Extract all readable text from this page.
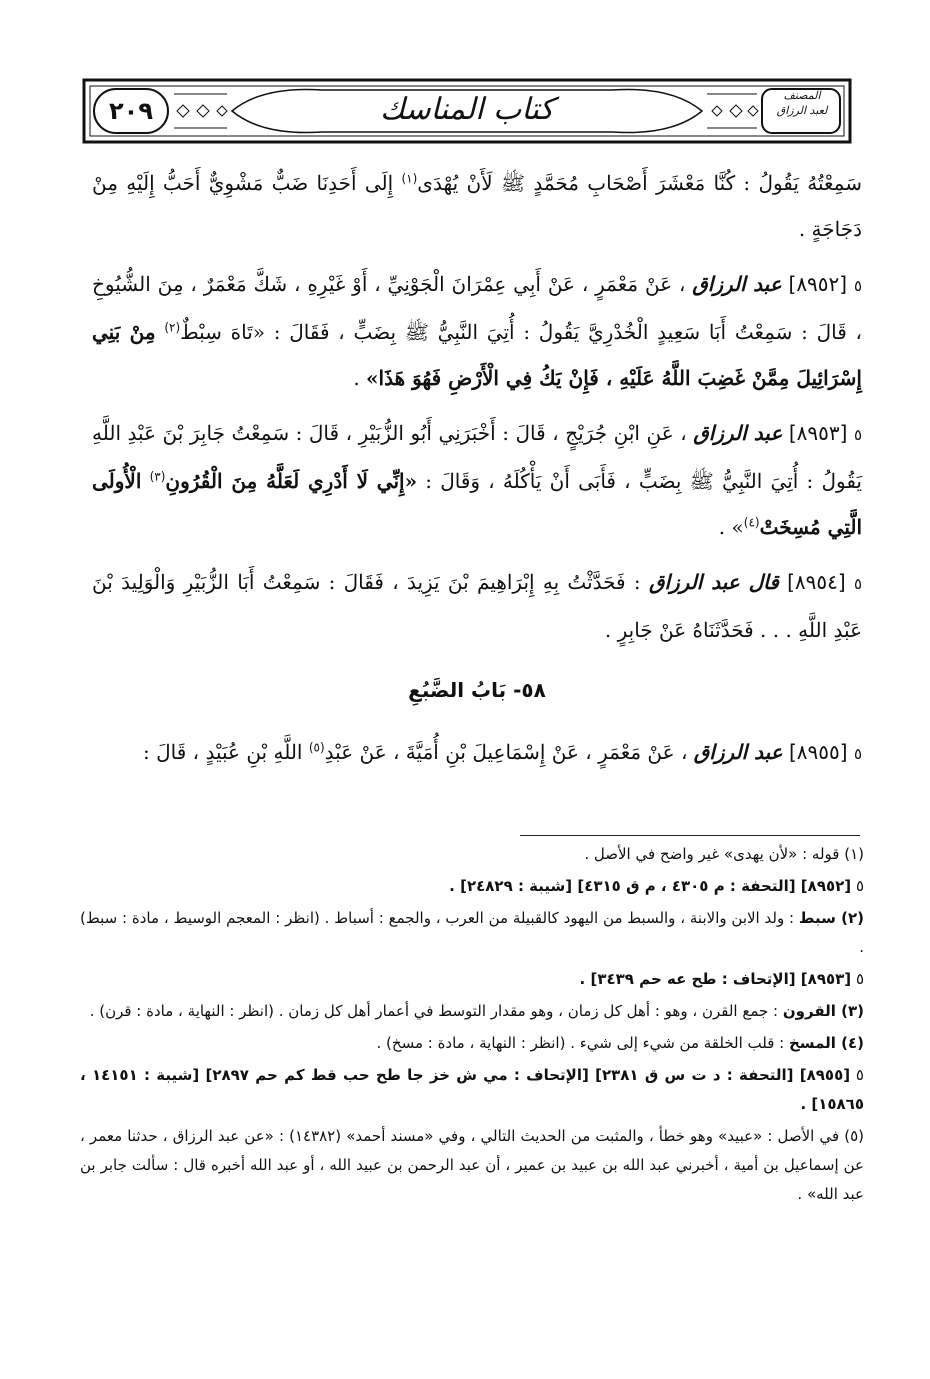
٢٠٩	كتاب المناسك	المصنف
لعبد الرزاق

سَمِعْتُهُ يَقُولُ : كُنَّا مَعْشَرَ أَصْحَابِ مُحَمَّدٍ ﷺ لَأَنْ يُهْدَى$^{(١)}$ إِلَى أَحَدِنَا ضَبٌّ مَشْوِيٌّ أَحَبُّ إِلَيْهِ مِنْ دَجَاجَةٍ .

٥ [٨٩٥٢] عبد الرزاق ، عَنْ مَعْمَرٍ ، عَنْ أَبِي عِمْرَانَ الْجَوْنِيِّ ، أَوْ غَيْرِهِ ، شَكَّ مَعْمَرٌ ، مِنَ الشُّيُوخِ ، قَالَ : سَمِعْتُ أَبَا سَعِيدٍ الْخُدْرِيَّ يَقُولُ : أُتِيَ النَّبِيُّ ﷺ بِضَبٍّ ، فَقَالَ : «تَاهَ سِبْطٌ$^{(٢)}$ مِنْ بَنِي إِسْرَائِيلَ مِمَّنْ غَضِبَ اللَّهُ عَلَيْهِ ، فَإِنْ يَكُ فِي الْأَرْضِ فَهُوَ هَذَا» .

٥ [٨٩٥٣] عبد الرزاق ، عَنِ ابْنِ جُرَيْجٍ ، قَالَ : أَخْبَرَنِي أَبُو الزُّبَيْرِ ، قَالَ : سَمِعْتُ جَابِرَ بْنَ عَبْدِ اللَّهِ يَقُولُ : أُتِيَ النَّبِيُّ ﷺ بِضَبٍّ ، فَأَبَى أَنْ يَأْكُلَهُ ، وَقَالَ : «إِنِّي لَا أَدْرِي لَعَلَّهُ مِنَ الْقُرُونِ$^{(٣)}$ الْأُولَى الَّتِي مُسِخَتْ$^{(٤)}$» .

٥ [٨٩٥٤] قال عبد الرزاق : فَحَدَّثْتُ بِهِ إِبْرَاهِيمَ بْنَ يَزِيدَ ، فَقَالَ : سَمِعْتُ أَبَا الزُّبَيْرِ وَالْوَلِيدَ بْنَ عَبْدِ اللَّهِ . . . فَحَدَّثَنَاهُ عَنْ جَابِرٍ .

٥٨- بَابُ الضَّبُعِ

٥ [٨٩٥٥] عبد الرزاق ، عَنْ مَعْمَرٍ ، عَنْ إِسْمَاعِيلَ بْنِ أُمَيَّةَ ، عَنْ عَبْدِ$^{(٥)}$ اللَّهِ بْنِ عُبَيْدٍ ، قَالَ :

(١) قوله : «لأن يهدى» غير واضح في الأصل .

٥ [٨٩٥٢] [التحفة : م ٤٣٠٥ ، م ق ٤٣١٥] [شيبة : ٢٤٨٢٩] .

(٢) سبط : ولد الابن والابنة ، والسبط من اليهود كالقبيلة من العرب ، والجمع : أسباط . (انظر : المعجم الوسيط ، مادة : سبط) .

٥ [٨٩٥٣] [الإتحاف : طح عه حم ٣٤٣٩] .

(٣) القرون : جمع القرن ، وهو : أهل كل زمان ، وهو مقدار التوسط في أعمار أهل كل زمان . (انظر : النهاية ، مادة : قرن) .

(٤) المسخ : قلب الخلقة من شيء إلى شيء . (انظر : النهاية ، مادة : مسخ) .

٥ [٨٩٥٥] [التحفة : د ت س ق ٢٣٨١] [الإتحاف : مي ش خز جا طح حب قط كم حم ٢٨٩٧] [شيبة : ١٤١٥١ ، ١٥٨٦٥] .

(٥) في الأصل : «عبيد» وهو خطأ ، والمثبت من الحديث التالي ، وفي «مسند أحمد» (١٤٣٨٢) : «عن عبد الرزاق ، حدثنا معمر ، عن إسماعيل بن أمية ، أخبرني عبد الله بن عبيد بن عمير ، أن عبد الرحمن بن عبيد الله ، أو عبد الله أخبره قال : سألت جابر بن عبد الله» .
